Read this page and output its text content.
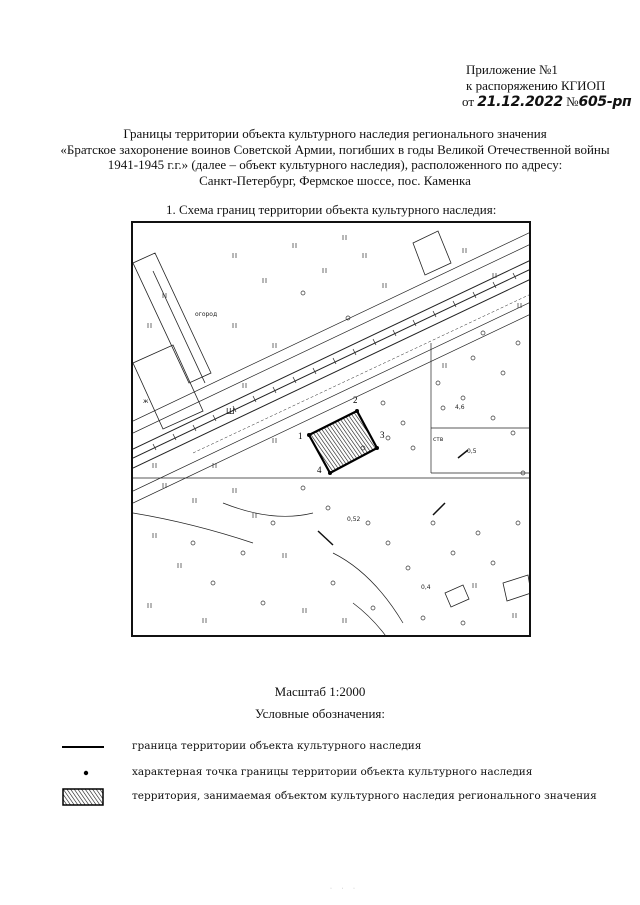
Приложение №1
к распоряжению КГИОП
от 21.12.2022 №605-рп
Границы территории объекта культурного наследия регионального значения
«Братское захоронение воинов Советской Армии, погибших в годы Великой Отечественной войны
1941-1945 г.г.» (далее – объект культурного наследия), расположенного по адресу:
Санкт-Петербург, Фермское шоссе, пос. Каменка
1. Схема границ территории объекта культурного наследия:
огород
ств
4,6
0,52
0,5
0,4
ж
Ш
1
2
3
4
Масштаб 1:2000
Условные обозначения:
граница территории объекта культурного наследия
характерная точка границы территории объекта культурного наследия
территория, занимаемая объектом культурного наследия регионального значения
· · ·
